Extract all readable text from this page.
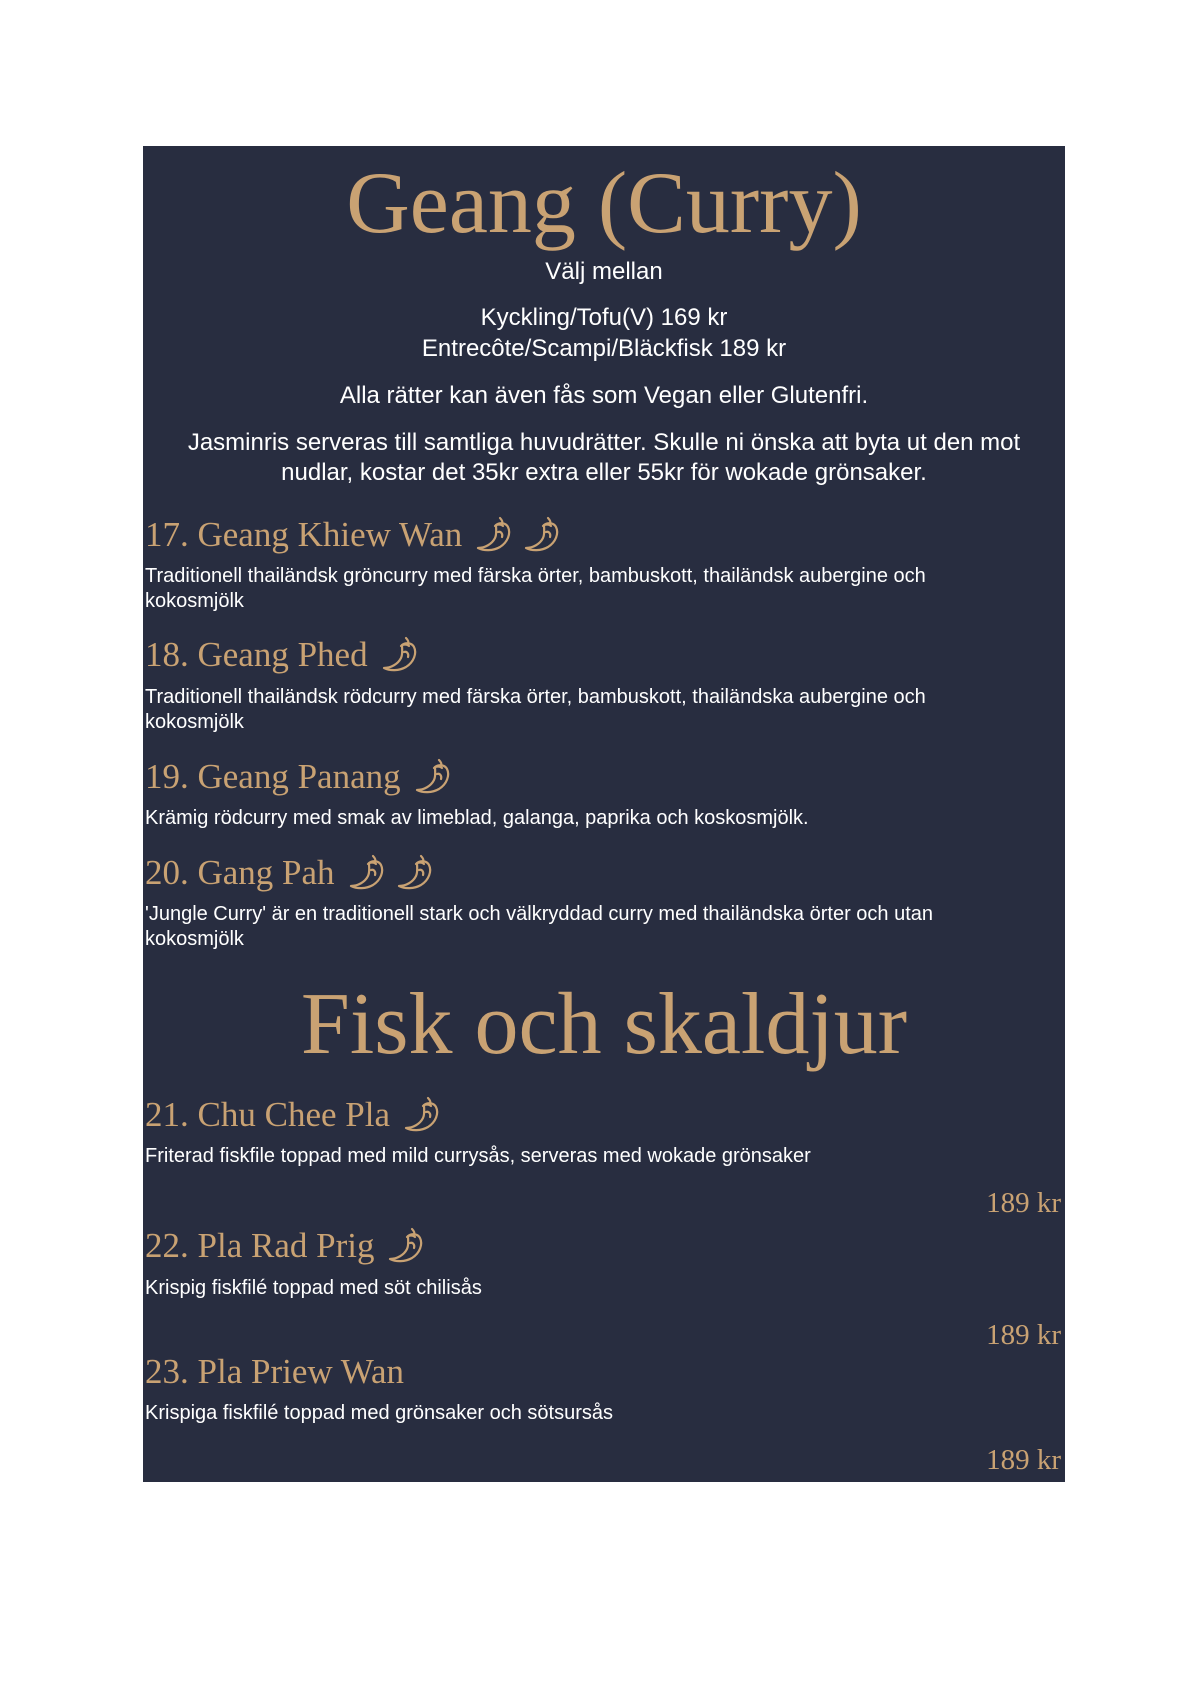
Geang (Curry)
Välj mellan
Kyckling/Tofu(V) 169 kr
Entrecôte/Scampi/Bläckfisk 189 kr
Alla rätter kan även fås som Vegan eller Glutenfri.
Jasminris serveras till samtliga huvudrätter. Skulle ni önska att byta ut den mot nudlar, kostar det 35kr extra eller 55kr för wokade grönsaker.
17. Geang Khiew Wan
Traditionell thailändsk gröncurry med färska örter, bambuskott, thailändsk aubergine och kokosmjölk
18. Geang Phed
Traditionell thailändsk rödcurry med färska örter, bambuskott, thailändska aubergine och kokosmjölk
19. Geang Panang
Krämig rödcurry med smak av limeblad, galanga, paprika och koskosmjölk.
20. Gang Pah
'Jungle Curry' är en traditionell stark och välkryddad curry med thailändska örter och utan kokosmjölk
Fisk och skaldjur
21. Chu Chee Pla
Friterad fiskfile toppad med mild currysås, serveras med wokade grönsaker
189 kr
22. Pla Rad Prig
Krispig fiskfilé toppad med söt chilisås
189 kr
23. Pla Priew Wan
Krispiga fiskfilé toppad med grönsaker och sötsursås
189 kr
